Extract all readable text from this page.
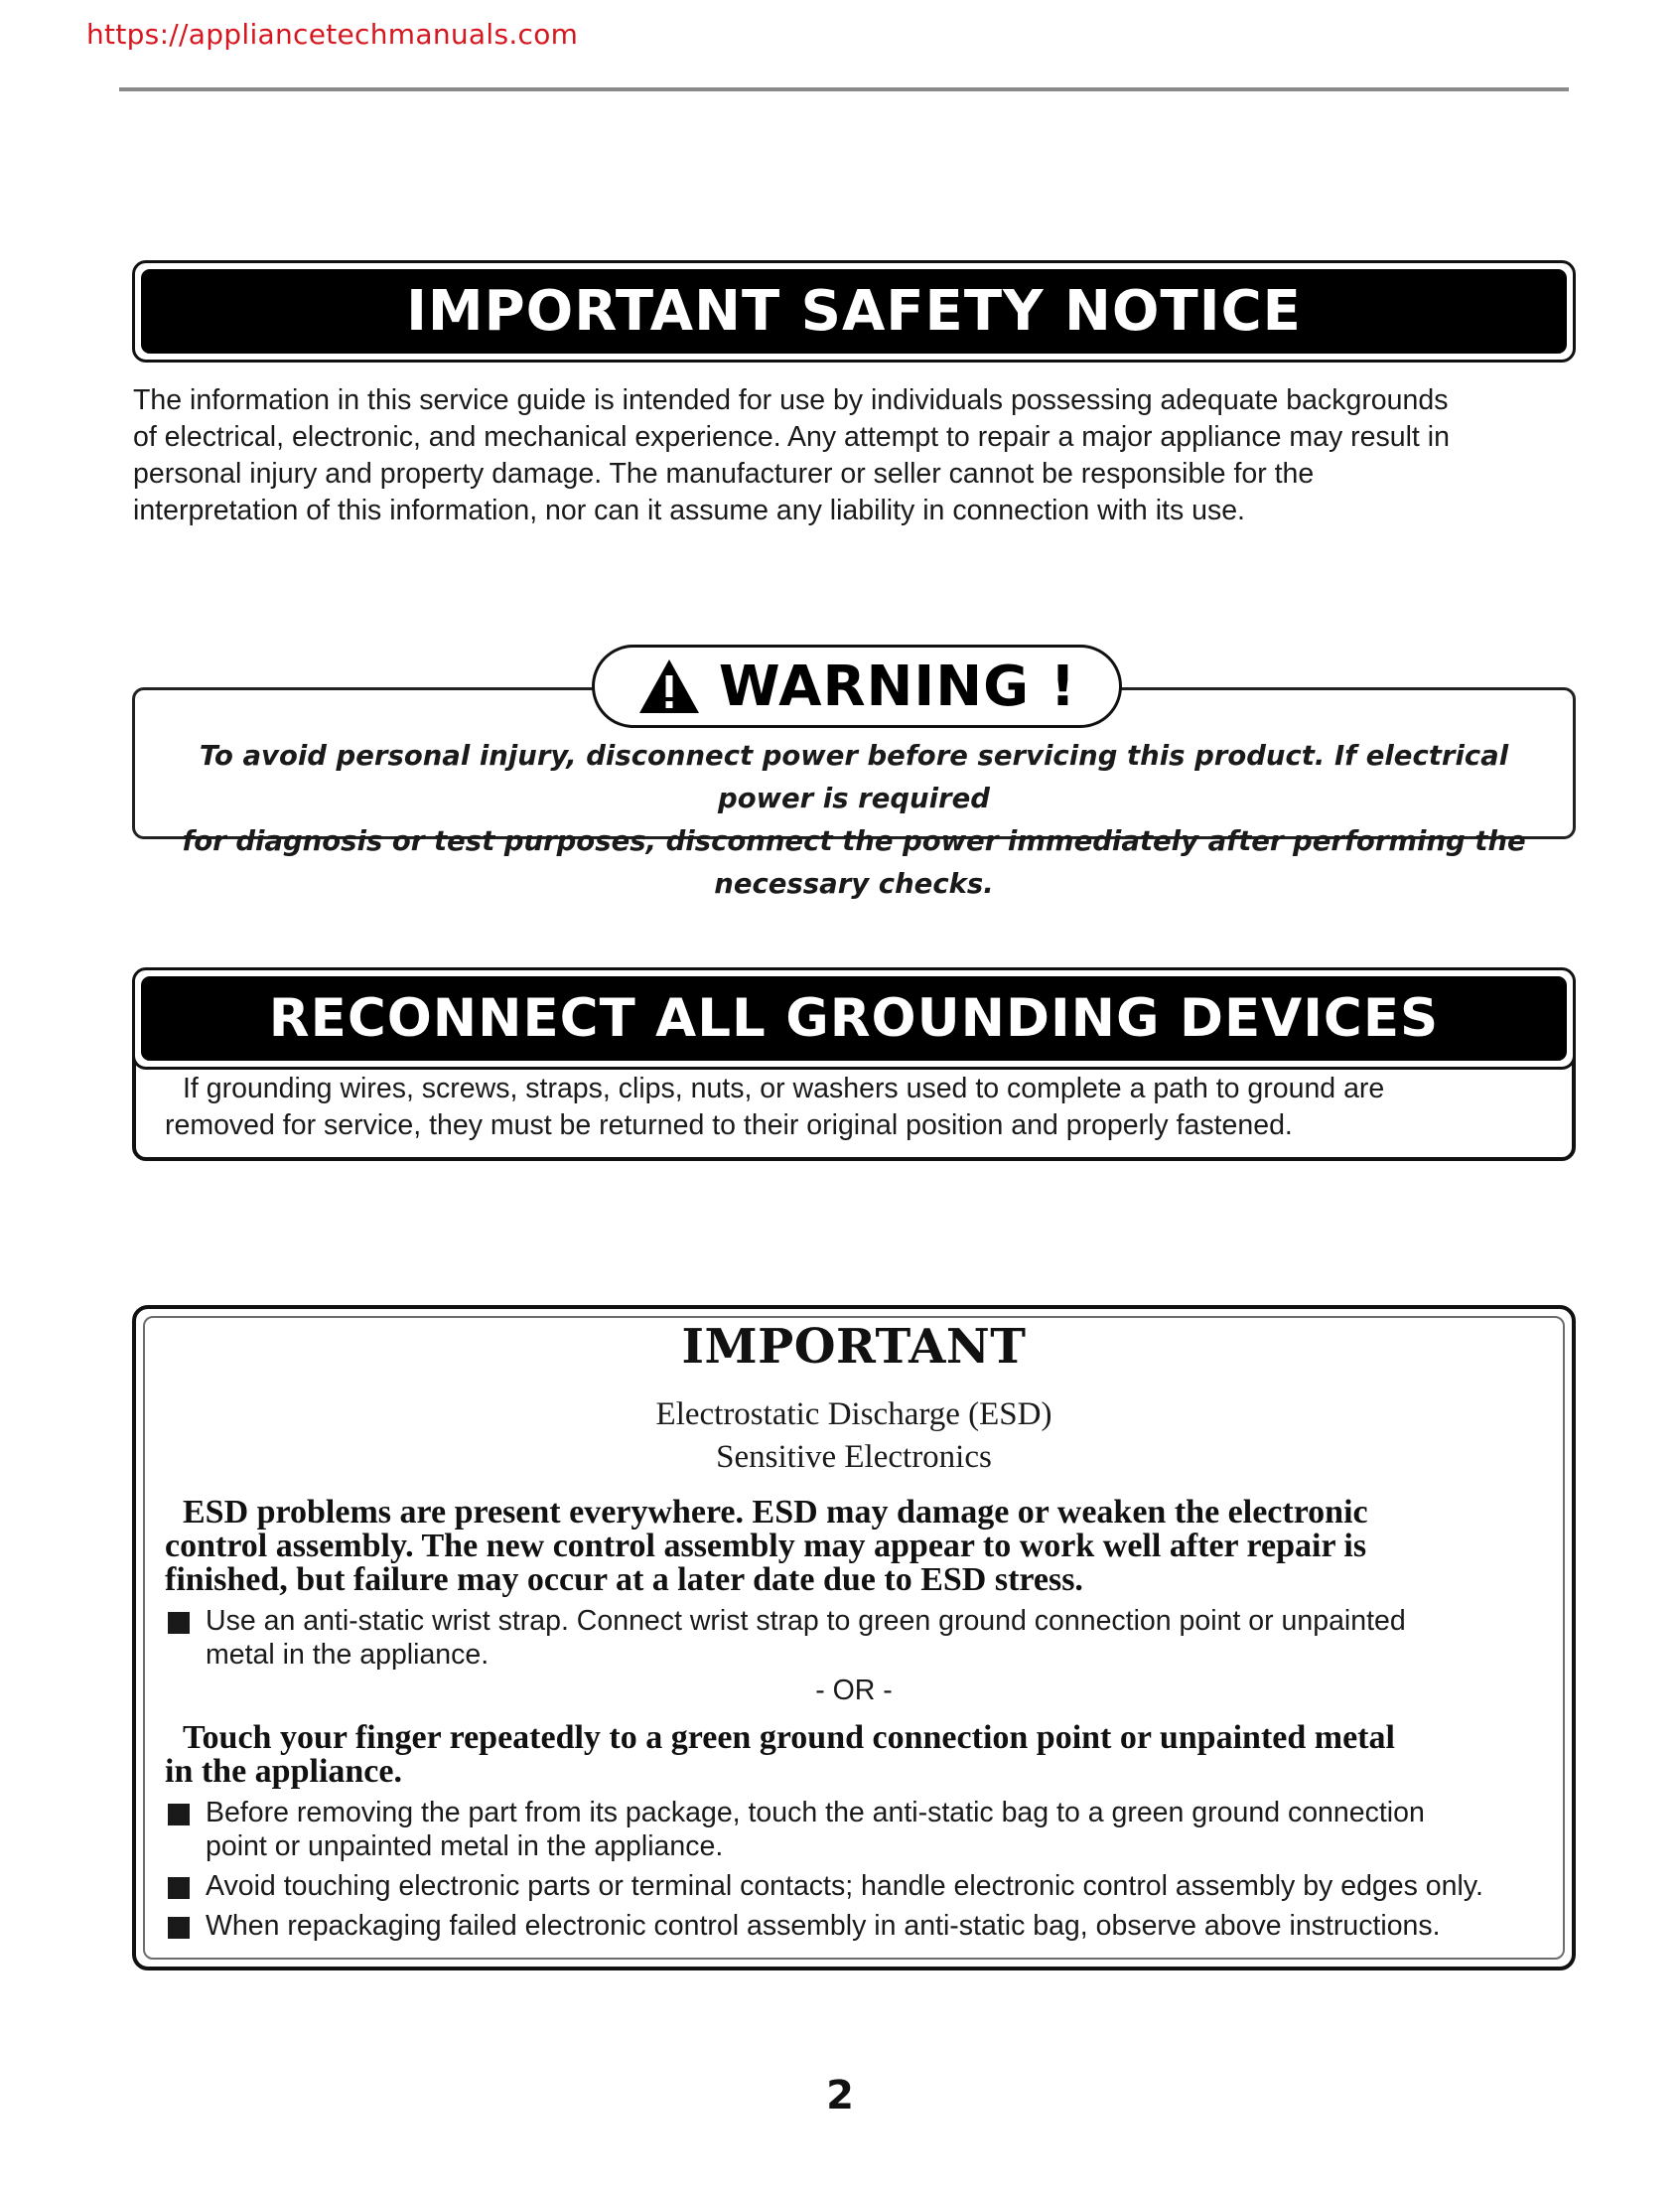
https://appliancetechmanuals.com
IMPORTANT SAFETY NOTICE
The information in this service guide is intended for use by individuals possessing adequate backgrounds
of electrical, electronic, and mechanical experience. Any attempt to repair a major appliance may result in
personal injury and property damage. The manufacturer or seller cannot be responsible for the
interpretation of this information, nor can it assume any liability in connection with its use.
WARNING !
To avoid personal injury, disconnect power before servicing this product. If electrical power is required
for diagnosis or test purposes, disconnect the power immediately after performing the necessary checks.
RECONNECT ALL GROUNDING DEVICES
If grounding wires, screws, straps, clips, nuts, or washers used to complete a path to ground are
removed for service, they must be returned to their original position and properly fastened.
IMPORTANT
Electrostatic Discharge (ESD)
Sensitive Electronics
ESD problems are present everywhere. ESD may damage or weaken the electronic
control assembly. The new control assembly may appear to work well after repair is
finished, but failure may occur at a later date due to ESD stress.
Use an anti-static wrist strap. Connect wrist strap to green ground connection point or unpainted
metal in the appliance.
- OR -
Touch your finger repeatedly to a green ground connection point or unpainted metal
in the appliance.
Before removing the part from its package, touch the anti-static bag to a green ground connection
point or unpainted metal in the appliance.
Avoid touching electronic parts or terminal contacts; handle electronic control assembly by edges only.
When repackaging failed electronic control assembly in anti-static bag, observe above instructions.
2
